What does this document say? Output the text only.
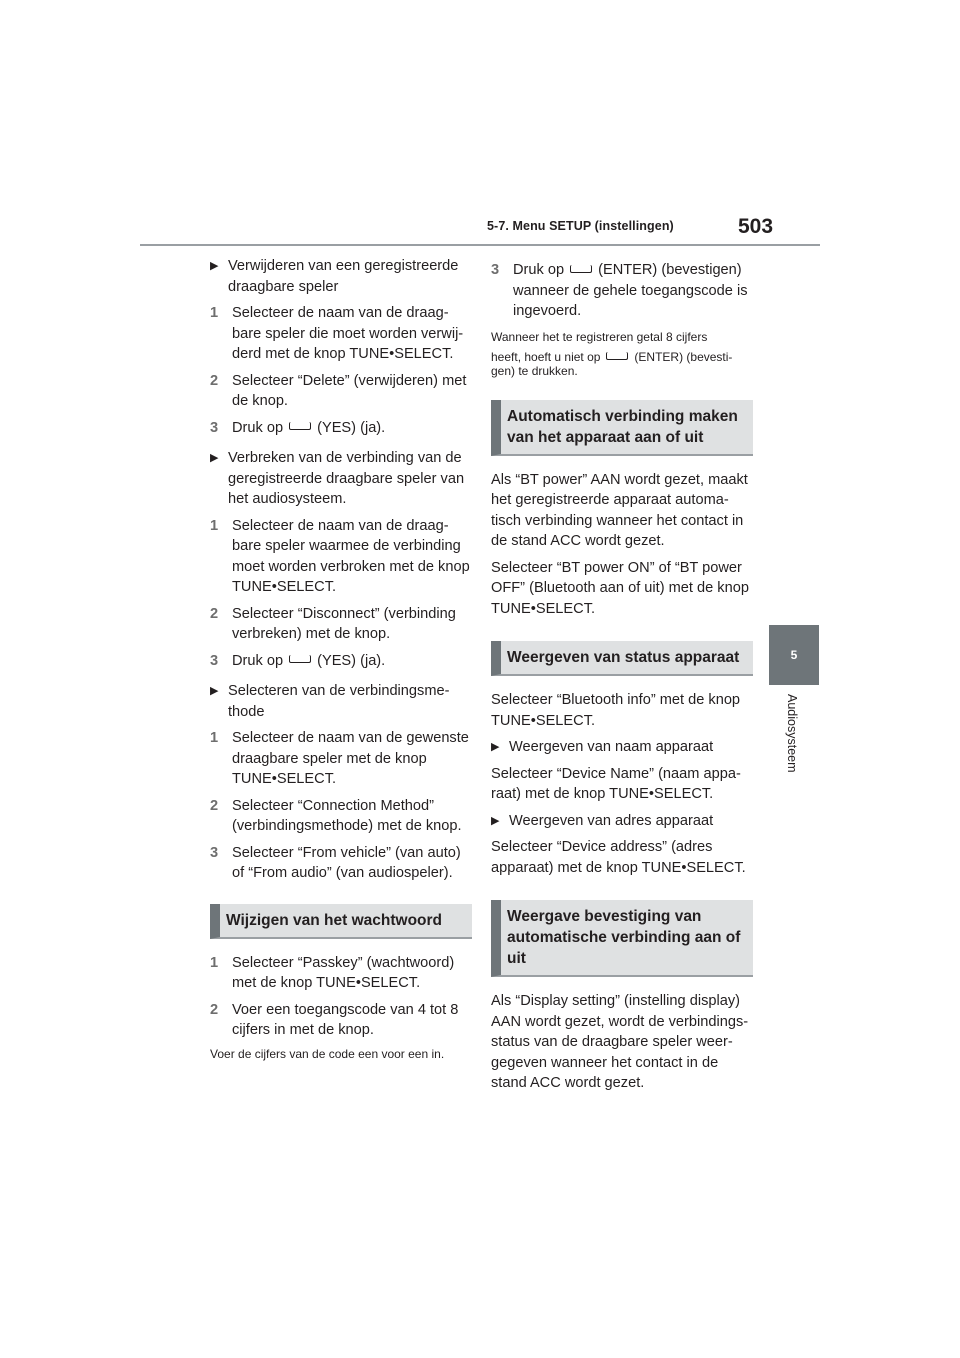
5-7. Menu SETUP (instellingen)	503
5
Audiosysteem
▶ Verwijderen van een geregistreerde draagbare speler
1 Selecteer de naam van de draag-bare speler die moet worden verwij-derd met de knop TUNE•SELECT.
2 Selecteer “Delete” (verwijderen) met de knop.
3 Druk op (YES) (ja).
▶ Verbreken van de verbinding van de geregistreerde draagbare speler van het audiosysteem.
1 Selecteer de naam van de draag-bare speler waarmee de verbinding moet worden verbroken met de knop TUNE•SELECT.
2 Selecteer “Disconnect” (verbinding verbreken) met de knop.
3 Druk op (YES) (ja).
▶ Selecteren van de verbindingsme-thode
1 Selecteer de naam van de gewenste draagbare speler met de knop TUNE•SELECT.
2 Selecteer “Connection Method” (verbindingsmethode) met de knop.
3 Selecteer “From vehicle” (van auto) of “From audio” (van audiospeler).
Wijzigen van het wachtwoord
1 Selecteer “Passkey” (wachtwoord) met de knop TUNE•SELECT.
2 Voer een toegangscode van 4 tot 8 cijfers in met de knop.
Voer de cijfers van de code een voor een in.
3 Druk op (ENTER) (bevestigen) wanneer de gehele toegangscode is ingevoerd.
Wanneer het te registreren getal 8 cijfers
heeft, hoeft u niet op	(ENTER) (bevesti-gen) te drukken.
Automatisch verbinding maken van het apparaat aan of uit
Als “BT power” AAN wordt gezet, maakt het geregistreerde apparaat automa-tisch verbinding wanneer het contact in de stand ACC wordt gezet.
Selecteer “BT power ON” of “BT power OFF” (Bluetooth aan of uit) met de knop TUNE•SELECT.
Weergeven van status apparaat
Selecteer “Bluetooth info” met de knop TUNE•SELECT.
▶ Weergeven van naam apparaat
Selecteer “Device Name” (naam appa-raat) met de knop TUNE•SELECT.
▶ Weergeven van adres apparaat
Selecteer “Device address” (adres apparaat) met de knop TUNE•SELECT.
Weergave bevestiging van automatische verbinding aan of uit
Als “Display setting” (instelling display) AAN wordt gezet, wordt de verbindings-status van de draagbare speler weer-gegeven wanneer het contact in de stand ACC wordt gezet.
